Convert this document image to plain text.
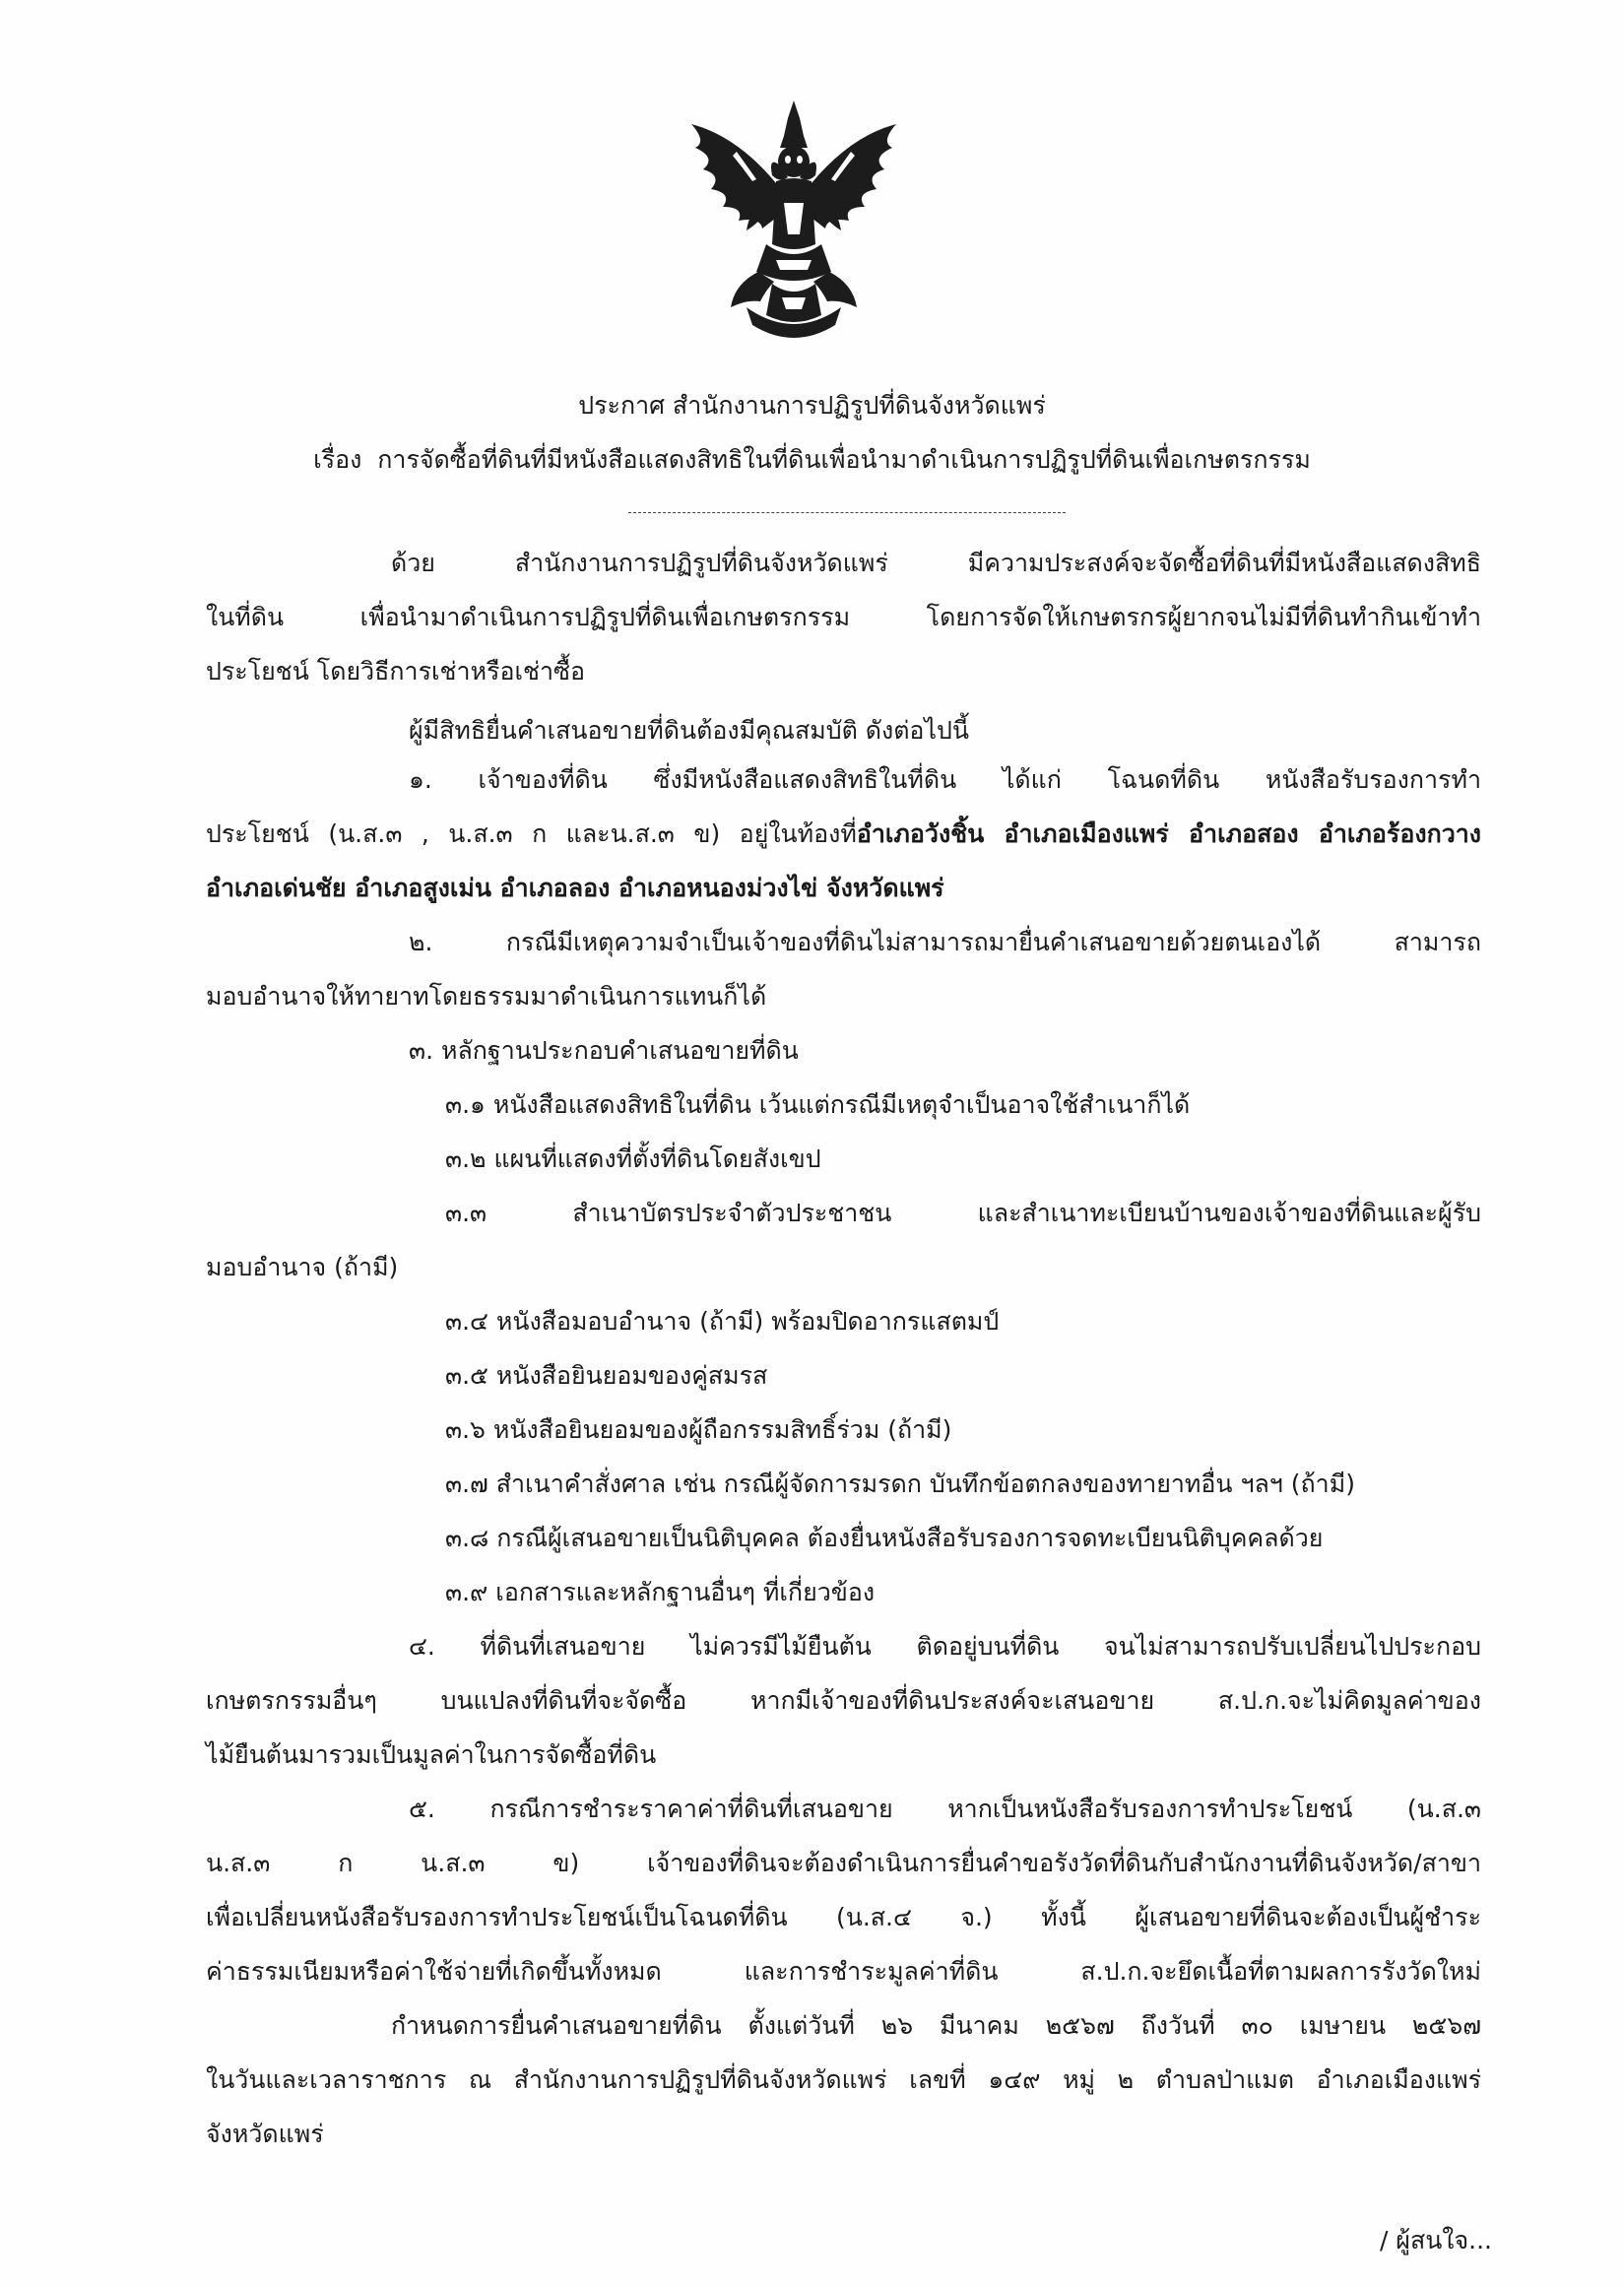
ประกาศ สำนักงานการปฏิรูปที่ดินจังหวัดแพร่
เรื่อง การจัดซื้อที่ดินที่มีหนังสือแสดงสิทธิในที่ดินเพื่อนำมาดำเนินการปฏิรูปที่ดินเพื่อเกษตรกรรม
ด้วย สำนักงานการปฏิรูปที่ดินจังหวัดแพร่ มีความประสงค์จะจัดซื้อที่ดินที่มีหนังสือแสดงสิทธิ
ในที่ดิน เพื่อนำมาดำเนินการปฏิรูปที่ดินเพื่อเกษตรกรรม โดยการจัดให้เกษตรกรผู้ยากจนไม่มีที่ดินทำกินเข้าทำ
ประโยชน์ โดยวิธีการเช่าหรือเช่าซื้อ
ผู้มีสิทธิยื่นคำเสนอขายที่ดินต้องมีคุณสมบัติ ดังต่อไปนี้
๑. เจ้าของที่ดิน ซึ่งมีหนังสือแสดงสิทธิในที่ดิน ได้แก่ โฉนดที่ดิน หนังสือรับรองการทำ
ประโยชน์ (น.ส.๓ , น.ส.๓ ก และน.ส.๓ ข) อยู่ในท้องที่อำเภอวังชิ้น อำเภอเมืองแพร่ อำเภอสอง อำเภอร้องกวาง
อำเภอเด่นชัย อำเภอสูงเม่น อำเภอลอง อำเภอหนองม่วงไข่ จังหวัดแพร่
๒. กรณีมีเหตุความจำเป็นเจ้าของที่ดินไม่สามารถมายื่นคำเสนอขายด้วยตนเองได้ สามารถ
มอบอำนาจให้ทายาทโดยธรรมมาดำเนินการแทนก็ได้
๓. หลักฐานประกอบคำเสนอขายที่ดิน
๓.๑ หนังสือแสดงสิทธิในที่ดิน เว้นแต่กรณีมีเหตุจำเป็นอาจใช้สำเนาก็ได้
๓.๒ แผนที่แสดงที่ตั้งที่ดินโดยสังเขป
๓.๓ สำเนาบัตรประจำตัวประชาชน และสำเนาทะเบียนบ้านของเจ้าของที่ดินและผู้รับ
มอบอำนาจ (ถ้ามี)
๓.๔ หนังสือมอบอำนาจ (ถ้ามี) พร้อมปิดอากรแสตมป์
๓.๕ หนังสือยินยอมของคู่สมรส
๓.๖ หนังสือยินยอมของผู้ถือกรรมสิทธิ์ร่วม (ถ้ามี)
๓.๗ สำเนาคำสั่งศาล เช่น กรณีผู้จัดการมรดก บันทึกข้อตกลงของทายาทอื่น ฯลฯ (ถ้ามี)
๓.๘ กรณีผู้เสนอขายเป็นนิติบุคคล ต้องยื่นหนังสือรับรองการจดทะเบียนนิติบุคคลด้วย
๓.๙ เอกสารและหลักฐานอื่นๆ ที่เกี่ยวข้อง
๔. ที่ดินที่เสนอขาย ไม่ควรมีไม้ยืนต้น ติดอยู่บนที่ดิน จนไม่สามารถปรับเปลี่ยนไปประกอบ
เกษตรกรรมอื่นๆ บนแปลงที่ดินที่จะจัดซื้อ หากมีเจ้าของที่ดินประสงค์จะเสนอขาย ส.ป.ก.จะไม่คิดมูลค่าของ
ไม้ยืนต้นมารวมเป็นมูลค่าในการจัดซื้อที่ดิน
๕. กรณีการชำระราคาค่าที่ดินที่เสนอขาย หากเป็นหนังสือรับรองการทำประโยชน์ (น.ส.๓
น.ส.๓ ก น.ส.๓ ข) เจ้าของที่ดินจะต้องดำเนินการยื่นคำขอรังวัดที่ดินกับสำนักงานที่ดินจังหวัด/สาขา
เพื่อเปลี่ยนหนังสือรับรองการทำประโยชน์เป็นโฉนดที่ดิน (น.ส.๔ จ.) ทั้งนี้ ผู้เสนอขายที่ดินจะต้องเป็นผู้ชำระ
ค่าธรรมเนียมหรือค่าใช้จ่ายที่เกิดขึ้นทั้งหมด และการชำระมูลค่าที่ดิน ส.ป.ก.จะยึดเนื้อที่ตามผลการรังวัดใหม่
กำหนดการยื่นคำเสนอขายที่ดิน ตั้งแต่วันที่ ๒๖ มีนาคม ๒๕๖๗ ถึงวันที่ ๓๐ เมษายน ๒๕๖๗
ในวันและเวลาราชการ ณ สำนักงานการปฏิรูปที่ดินจังหวัดแพร่ เลขที่ ๑๔๙ หมู่ ๒ ตำบลป่าแมต อำเภอเมืองแพร่
จังหวัดแพร่
/ ผู้สนใจ...
